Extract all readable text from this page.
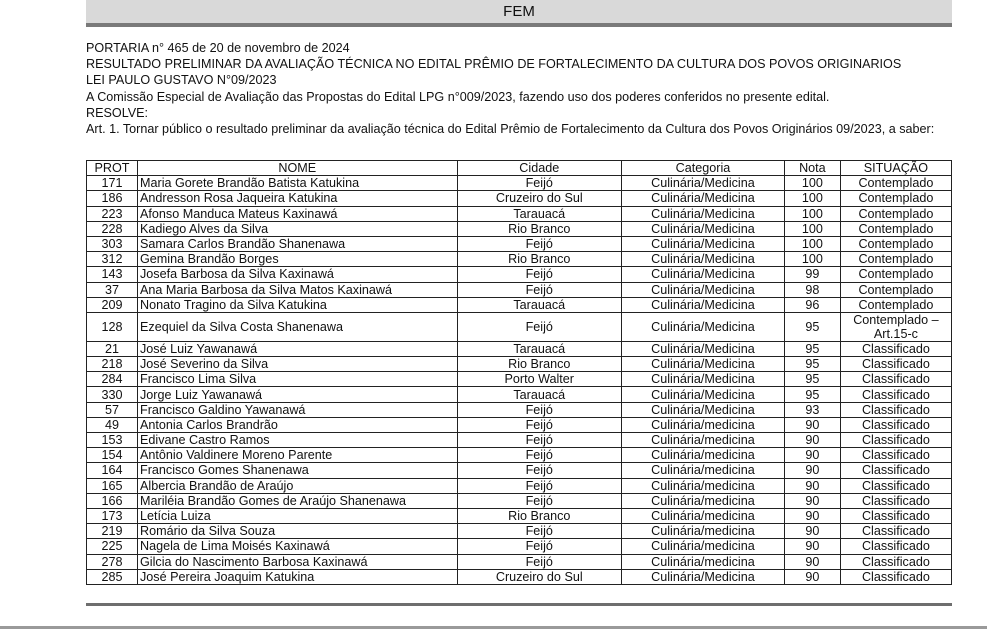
FEM

PORTARIA n° 465 de 20 de novembro de 2024

RESULTADO PRELIMINAR DA AVALIAÇÃO TÉCNICA NO EDITAL PRÊMIO DE FORTALECIMENTO DA CULTURA DOS POVOS ORIGINARIOS

LEI PAULO GUSTAVO N°09/2023

A Comissão Especial de Avaliação das Propostas do Edital LPG n°009/2023, fazendo uso dos poderes conferidos no presente edital.

RESOLVE:

Art. 1. Tornar público o resultado preliminar da avaliação técnica do Edital Prêmio de Fortalecimento da Cultura dos Povos Originários 09/2023, a saber:

PROT	NOME	Cidade	Categoria	Nota	SITUAÇÃO
171	Maria Gorete Brandão Batista Katukina	Feijó	Culinária/Medicina	100	Contemplado
186	Andresson Rosa Jaqueira Katukina	Cruzeiro do Sul	Culinária/Medicina	100	Contemplado
223	Afonso Manduca Mateus Kaxinawá	Tarauacá	Culinária/Medicina	100	Contemplado
228	Kadiego Alves da Silva	Rio Branco	Culinária/Medicina	100	Contemplado
303	Samara Carlos Brandão Shanenawa	Feijó	Culinária/Medicina	100	Contemplado
312	Gemina Brandão Borges	Rio Branco	Culinária/Medicina	100	Contemplado
143	Josefa Barbosa da Silva Kaxinawá	Feijó	Culinária/Medicina	99	Contemplado
37	Ana Maria Barbosa da Silva Matos Kaxinawá	Feijó	Culinária/Medicina	98	Contemplado
209	Nonato Tragino da Silva Katukina	Tarauacá	Culinária/Medicina	96	Contemplado
128	Ezequiel da Silva Costa Shanenawa	Feijó	Culinária/Medicina	95	Contemplado – Art.15-c
21	José Luiz Yawanawá	Tarauacá	Culinária/Medicina	95	Classificado
218	José Severino da Silva	Rio Branco	Culinária/Medicina	95	Classificado
284	Francisco Lima Silva	Porto Walter	Culinária/Medicina	95	Classificado
330	Jorge Luiz Yawanawá	Tarauacá	Culinária/Medicina	95	Classificado
57	Francisco Galdino Yawanawá	Feijó	Culinária/Medicina	93	Classificado
49	Antonia Carlos Brandrão	Feijó	Culinária/medicina	90	Classificado
153	Edivane Castro Ramos	Feijó	Culinária/medicina	90	Classificado
154	Antônio Valdinere Moreno Parente	Feijó	Culinária/medicina	90	Classificado
164	Francisco Gomes Shanenawa	Feijó	Culinária/medicina	90	Classificado
165	Albercia Brandão de Araújo	Feijó	Culinária/medicina	90	Classificado
166	Mariléia Brandão Gomes de Araújo Shanenawa	Feijó	Culinária/medicina	90	Classificado
173	Letícia Luiza	Rio Branco	Culinária/medicina	90	Classificado
219	Romário da Silva Souza	Feijó	Culinária/medicina	90	Classificado
225	Nagela de Lima Moisés Kaxinawá	Feijó	Culinária/medicina	90	Classificado
278	Gilcia do Nascimento Barbosa Kaxinawá	Feijó	Culinária/medicina	90	Classificado
285	José Pereira Joaquim Katukina	Cruzeiro do Sul	Culinária/Medicina	90	Classificado
